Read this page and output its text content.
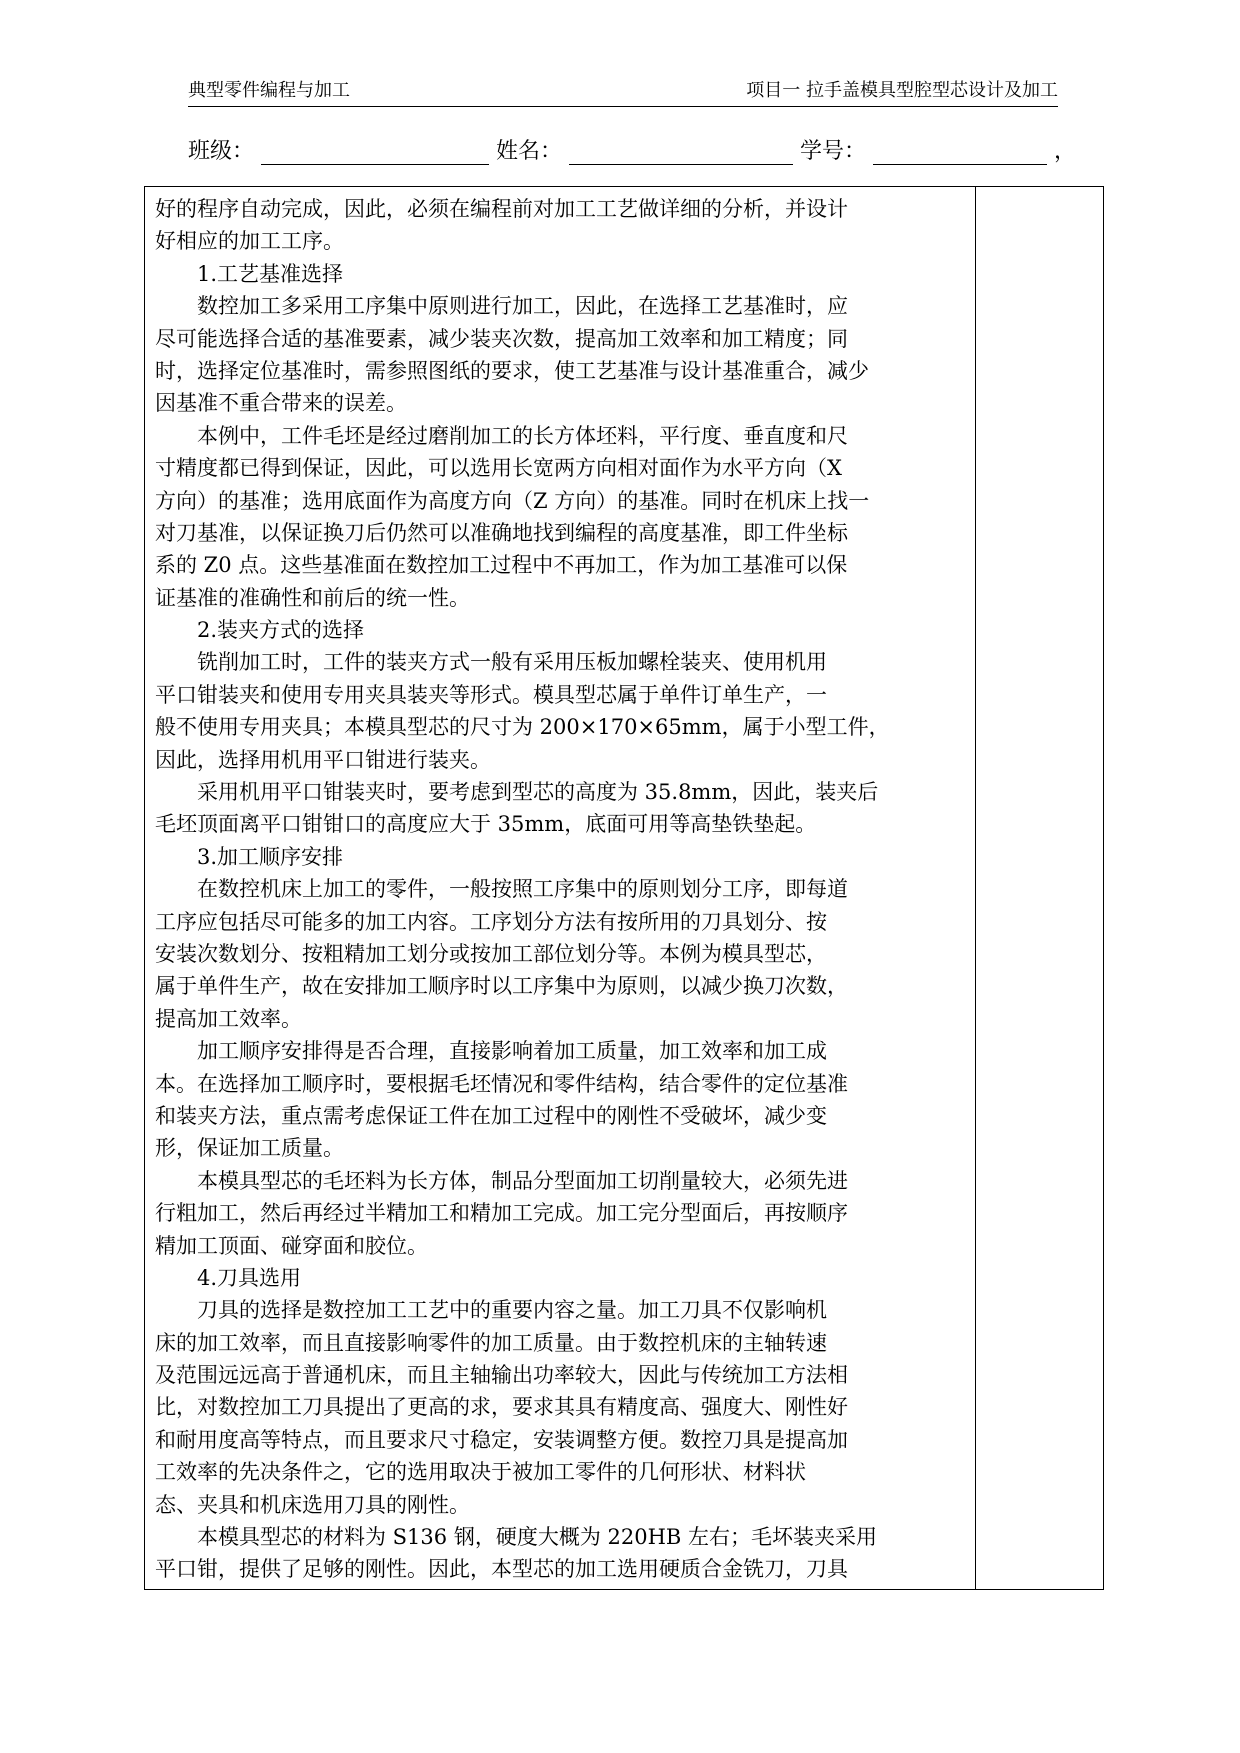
典型零件编程与加工	项目一 拉手盖模具型腔型芯设计及加工
班级：	姓名：	学号：	，
好的程序自动完成，因此，必须在编程前对加工工艺做详细的分析，并设计
好相应的加工工序。
1.工艺基准选择
数控加工多采用工序集中原则进行加工，因此，在选择工艺基准时，应
尽可能选择合适的基准要素，减少装夹次数，提高加工效率和加工精度；同
时，选择定位基准时，需参照图纸的要求，使工艺基准与设计基准重合，减少
因基准不重合带来的误差。
本例中，工件毛坯是经过磨削加工的长方体坯料，平行度、垂直度和尺
寸精度都已得到保证，因此，可以选用长宽两方向相对面作为水平方向（X
方向）的基准；选用底面作为高度方向（Z 方向）的基准。同时在机床上找一
对刀基准，以保证换刀后仍然可以准确地找到编程的高度基准，即工件坐标
系的 Z0 点。这些基准面在数控加工过程中不再加工，作为加工基准可以保
证基准的准确性和前后的统一性。
2.装夹方式的选择
铣削加工时，工件的装夹方式一般有采用压板加螺栓装夹、使用机用
平口钳装夹和使用专用夹具装夹等形式。模具型芯属于单件订单生产，一
般不使用专用夹具；本模具型芯的尺寸为 200×170×65mm，属于小型工件，
因此，选择用机用平口钳进行装夹。
采用机用平口钳装夹时，要考虑到型芯的高度为 35.8mm，因此，装夹后
毛坯顶面离平口钳钳口的高度应大于 35mm，底面可用等高垫铁垫起。
3.加工顺序安排
在数控机床上加工的零件，一般按照工序集中的原则划分工序，即每道
工序应包括尽可能多的加工内容。工序划分方法有按所用的刀具划分、按
安装次数划分、按粗精加工划分或按加工部位划分等。本例为模具型芯，
属于单件生产，故在安排加工顺序时以工序集中为原则，以减少换刀次数，
提高加工效率。
加工顺序安排得是否合理，直接影响着加工质量，加工效率和加工成
本。在选择加工顺序时，要根据毛坯情况和零件结构，结合零件的定位基准
和装夹方法，重点需考虑保证工件在加工过程中的刚性不受破坏，减少变
形，保证加工质量。
本模具型芯的毛坯料为长方体，制品分型面加工切削量较大，必须先进
行粗加工，然后再经过半精加工和精加工完成。加工完分型面后，再按顺序
精加工顶面、碰穿面和胶位。
4.刀具选用
刀具的选择是数控加工工艺中的重要内容之量。加工刀具不仅影响机
床的加工效率，而且直接影响零件的加工质量。由于数控机床的主轴转速
及范围远远高于普通机床，而且主轴输出功率较大，因此与传统加工方法相
比，对数控加工刀具提出了更高的求，要求其具有精度高、强度大、刚性好
和耐用度高等特点，而且要求尺寸稳定，安装调整方便。数控刀具是提高加
工效率的先决条件之，它的选用取决于被加工零件的几何形状、材料状
态、夹具和机床选用刀具的刚性。
本模具型芯的材料为 S136 钢，硬度大概为 220HB 左右；毛坏装夹采用
平口钳，提供了足够的刚性。因此，本型芯的加工选用硬质合金铣刀，刀具
